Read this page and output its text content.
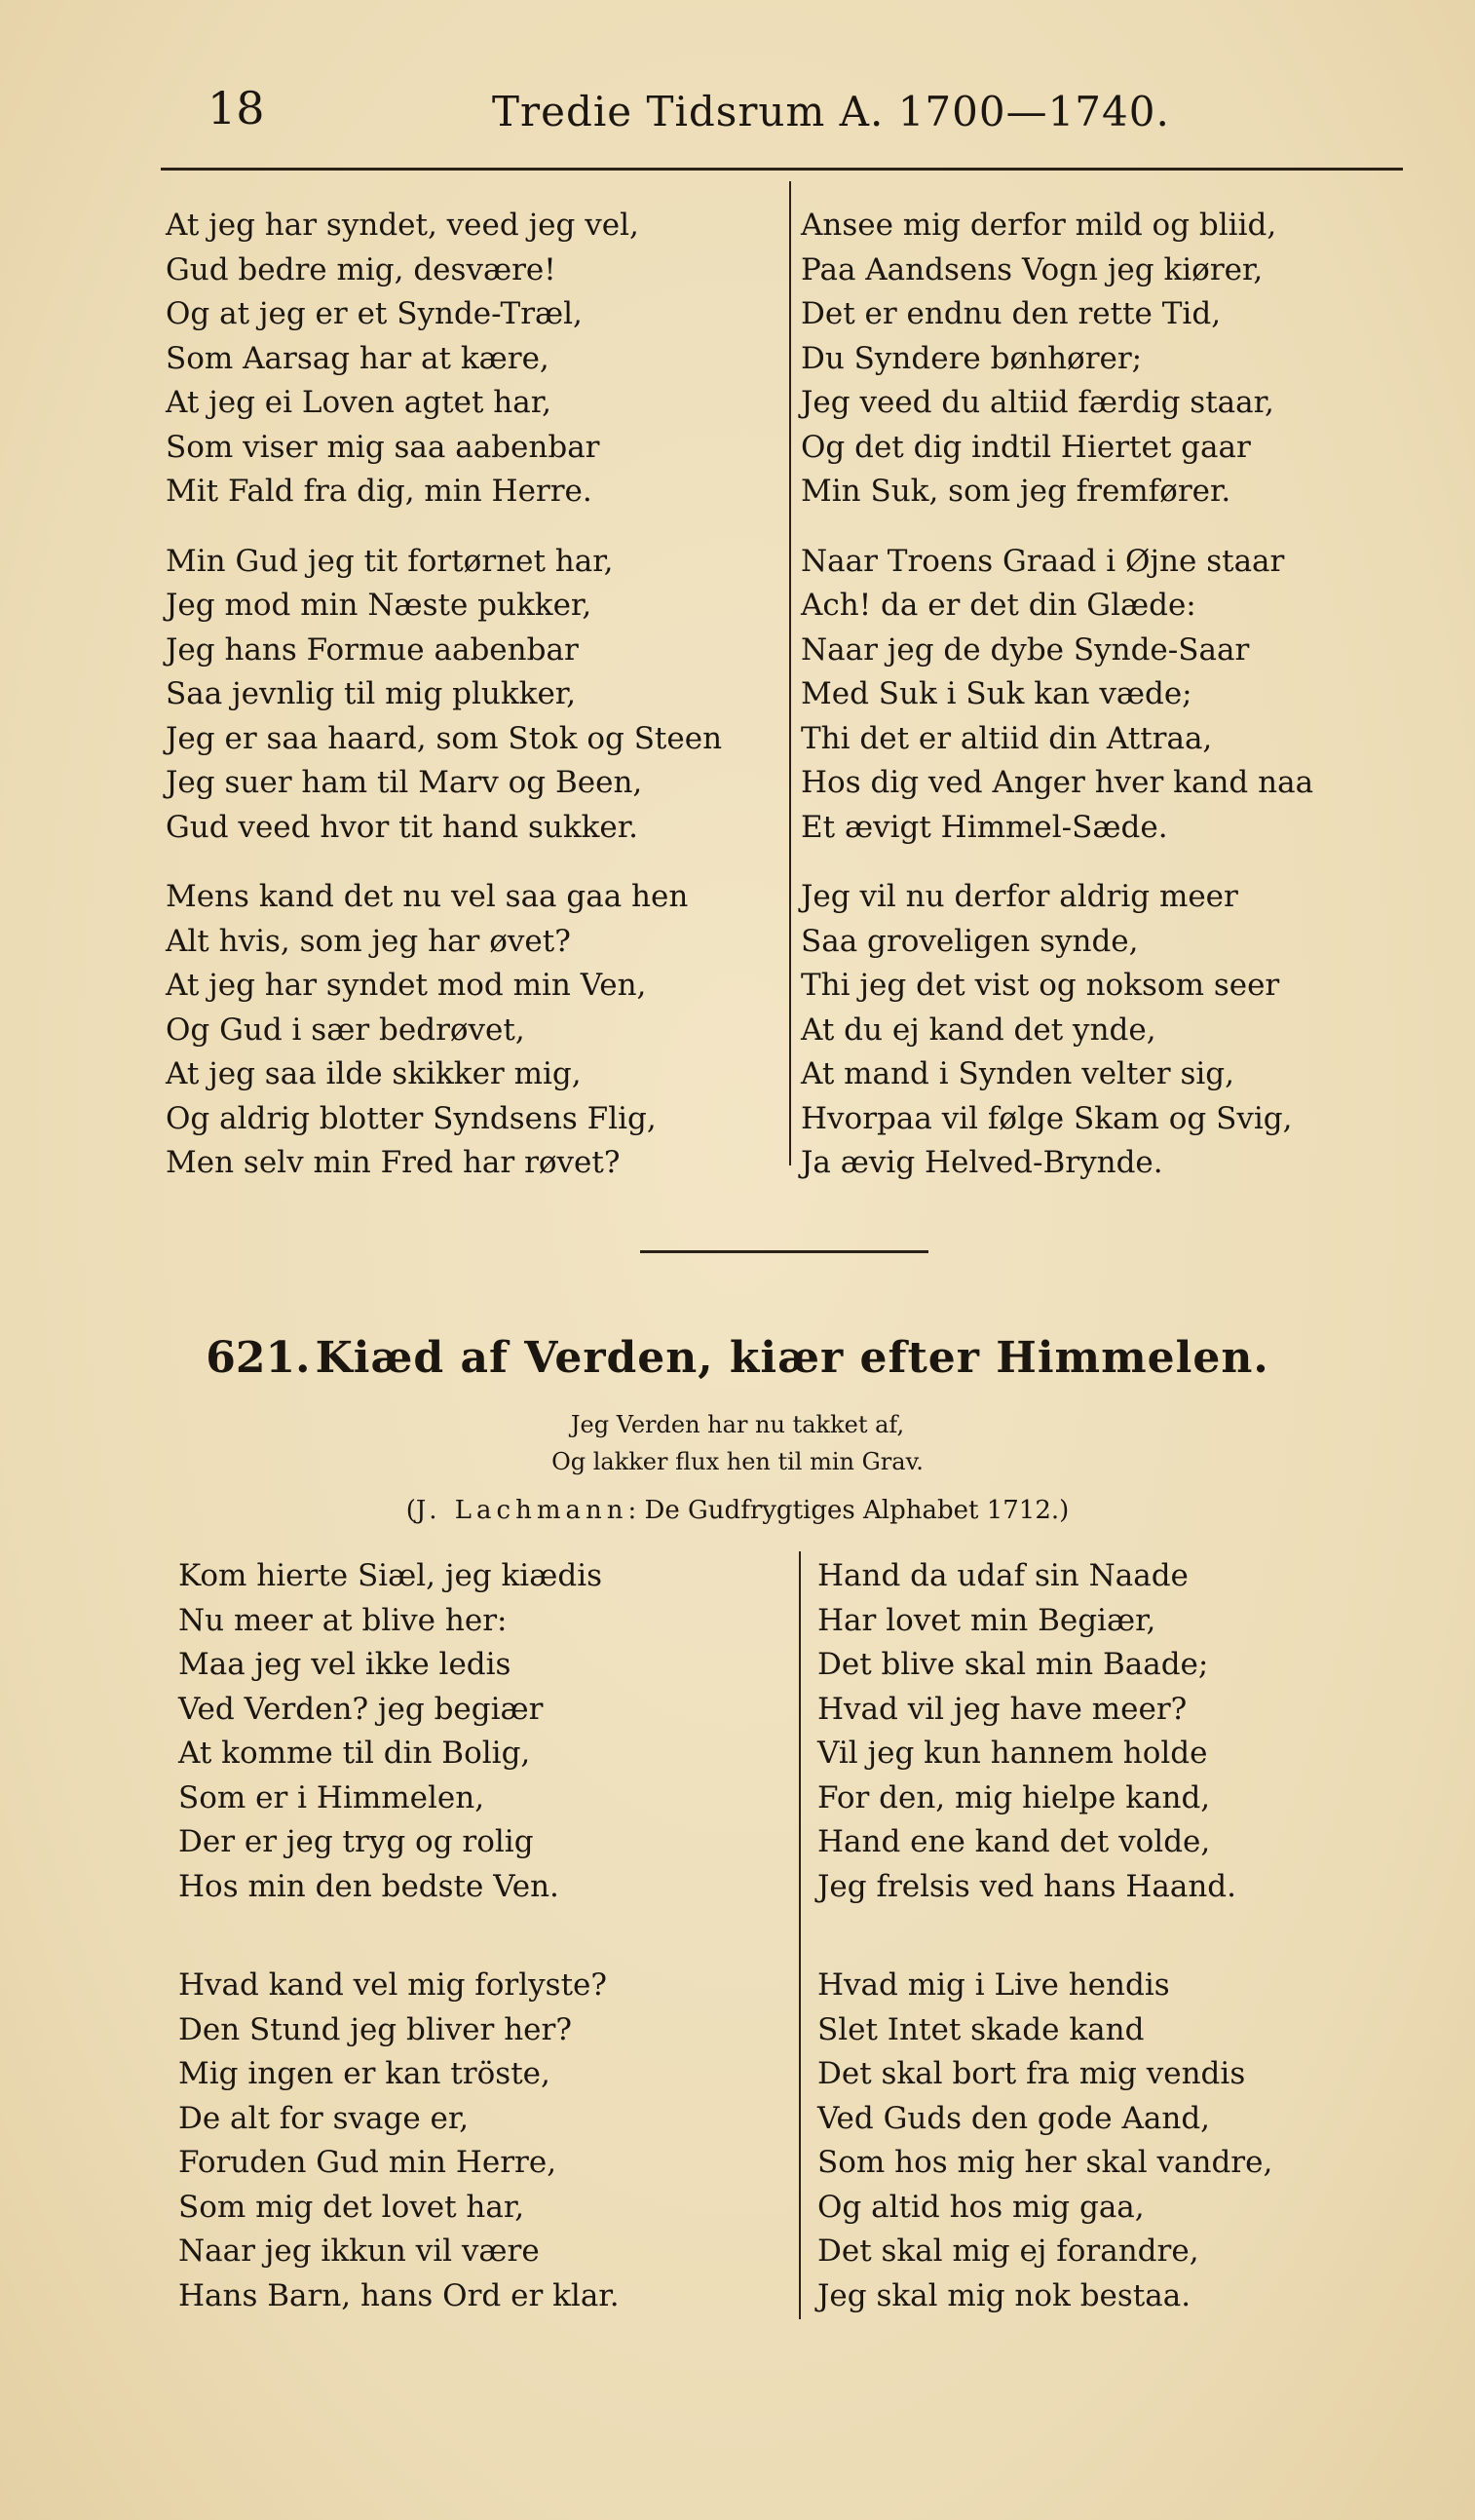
18	Tredie Tidsrum A. 1700—1740.
At jeg har syndet, veed jeg vel,
Gud bedre mig, desvære!
Og at jeg er et Synde-Træl,
Som Aarsag har at kære,
At jeg ei Loven agtet har,
Som viser mig saa aabenbar
Mit Fald fra dig, min Herre.
Min Gud jeg tit fortørnet har,
Jeg mod min Næste pukker,
Jeg hans Formue aabenbar
Saa jevnlig til mig plukker,
Jeg er saa haard, som Stok og Steen
Jeg suer ham til Marv og Been,
Gud veed hvor tit hand sukker.
Mens kand det nu vel saa gaa hen
Alt hvis, som jeg har øvet?
At jeg har syndet mod min Ven,
Og Gud i sær bedrøvet,
At jeg saa ilde skikker mig,
Og aldrig blotter Syndsens Flig,
Men selv min Fred har røvet?
Ansee mig derfor mild og bliid,
Paa Aandsens Vogn jeg kiører,
Det er endnu den rette Tid,
Du Syndere bønhører;
Jeg veed du altiid færdig staar,
Og det dig indtil Hiertet gaar
Min Suk, som jeg fremfører.
Naar Troens Graad i Øjne staar
Ach! da er det din Glæde:
Naar jeg de dybe Synde-Saar
Med Suk i Suk kan væde;
Thi det er altiid din Attraa,
Hos dig ved Anger hver kand naa
Et ævigt Himmel-Sæde.
Jeg vil nu derfor aldrig meer
Saa groveligen synde,
Thi jeg det vist og noksom seer
At du ej kand det ynde,
At mand i Synden velter sig,
Hvorpaa vil følge Skam og Svig,
Ja ævig Helved-Brynde.
621. Kiæd af Verden, kiær efter Himmelen.
Jeg Verden har nu takket af,
Og lakker flux hen til min Grav.
(J. Lachmann: De Gudfrygtiges Alphabet 1712.)
Kom hierte Siæl, jeg kiædis
Nu meer at blive her:
Maa jeg vel ikke ledis
Ved Verden? jeg begiær
At komme til din Bolig,
Som er i Himmelen,
Der er jeg tryg og rolig
Hos min den bedste Ven.
Hvad kand vel mig forlyste?
Den Stund jeg bliver her?
Mig ingen er kan tröste,
De alt for svage er,
Foruden Gud min Herre,
Som mig det lovet har,
Naar jeg ikkun vil være
Hans Barn, hans Ord er klar.
Hand da udaf sin Naade
Har lovet min Begiær,
Det blive skal min Baade;
Hvad vil jeg have meer?
Vil jeg kun hannem holde
For den, mig hielpe kand,
Hand ene kand det volde,
Jeg frelsis ved hans Haand.
Hvad mig i Live hendis
Slet Intet skade kand
Det skal bort fra mig vendis
Ved Guds den gode Aand,
Som hos mig her skal vandre,
Og altid hos mig gaa,
Det skal mig ej forandre,
Jeg skal mig nok bestaa.
